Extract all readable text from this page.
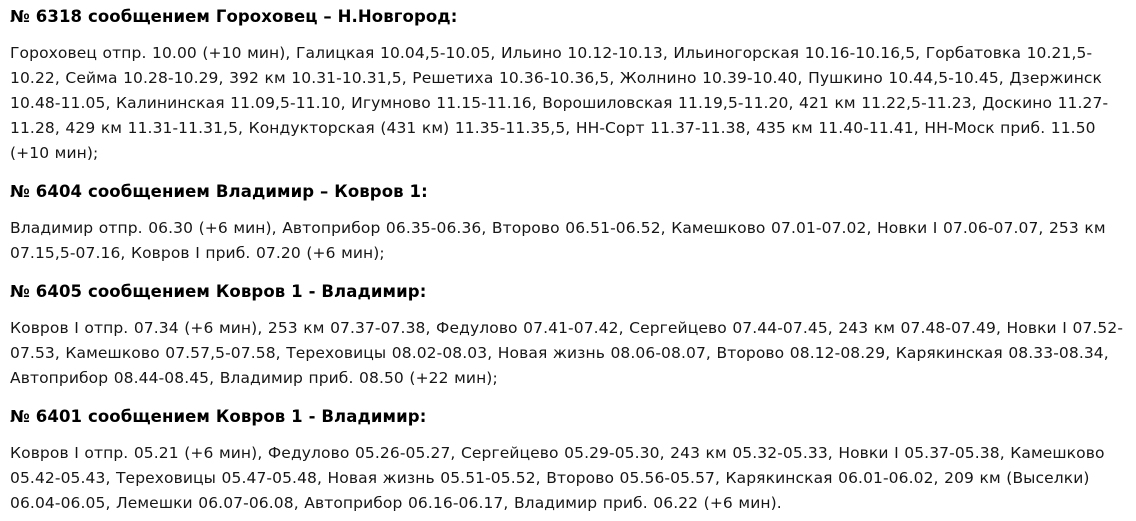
№ 6318 сообщением Гороховец – Н.Новгород:

Гороховец отпр. 10.00 (+10 мин), Галицкая 10.04,5-10.05, Ильино 10.12-10.13, Ильиногорская 10.16-10.16,5, Горбатовка 10.21,5-10.22, Сейма 10.28-10.29, 392 км 10.31-10.31,5, Решетиха 10.36-10.36,5, Жолнино 10.39-10.40, Пушкино 10.44,5-10.45, Дзержинск 10.48-11.05, Калининская 11.09,5-11.10, Игумново 11.15-11.16, Ворошиловская 11.19,5-11.20, 421 км 11.22,5-11.23, Доскино 11.27-11.28, 429 км 11.31-11.31,5, Кондукторская (431 км) 11.35-11.35,5, НН-Сорт 11.37-11.38, 435 км 11.40-11.41, НН-Моск приб. 11.50 (+10 мин);

№ 6404 сообщением Владимир – Ковров 1:

Владимир отпр. 06.30 (+6 мин), Автоприбор 06.35-06.36, Второво 06.51-06.52, Камешково 07.01-07.02, Новки I 07.06-07.07, 253 км 07.15,5-07.16, Ковров I приб. 07.20 (+6 мин);

№ 6405 сообщением Ковров 1 - Владимир:

Ковров I отпр. 07.34 (+6 мин), 253 км 07.37-07.38, Федулово 07.41-07.42, Сергейцево 07.44-07.45, 243 км 07.48-07.49, Новки I 07.52-07.53, Камешково 07.57,5-07.58, Тереховицы 08.02-08.03, Новая жизнь 08.06-08.07, Второво 08.12-08.29, Карякинская 08.33-08.34, Автоприбор 08.44-08.45, Владимир приб. 08.50 (+22 мин);

№ 6401 сообщением Ковров 1 - Владимир:

Ковров I отпр. 05.21 (+6 мин), Федулово 05.26-05.27, Сергейцево 05.29-05.30, 243 км 05.32-05.33, Новки I 05.37-05.38, Камешково 05.42-05.43, Тереховицы 05.47-05.48, Новая жизнь 05.51-05.52, Второво 05.56-05.57, Карякинская 06.01-06.02, 209 км (Выселки) 06.04-06.05, Лемешки 06.07-06.08, Автоприбор 06.16-06.17, Владимир приб. 06.22 (+6 мин).
